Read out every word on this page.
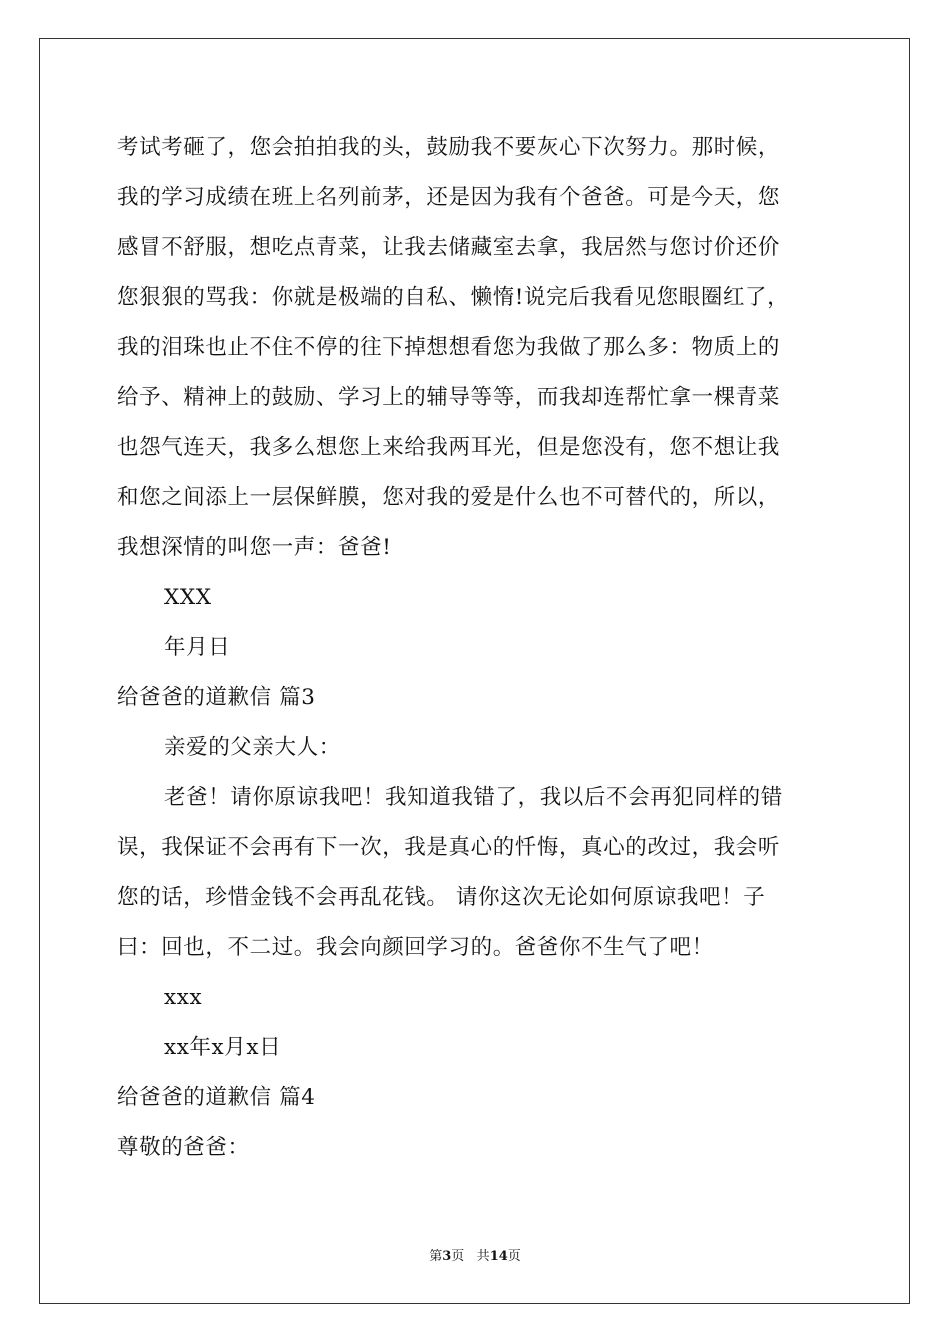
考试考砸了，您会拍拍我的头，鼓励我不要灰心下次努力。那时候，
我的学习成绩在班上名列前茅，还是因为我有个爸爸。可是今天，您
感冒不舒服，想吃点青菜，让我去储藏室去拿，我居然与您讨价还价
您狠狠的骂我：你就是极端的自私、懒惰!说完后我看见您眼圈红了，
我的泪珠也止不住不停的往下掉想想看您为我做了那么多：物质上的
给予、精神上的鼓励、学习上的辅导等等，而我却连帮忙拿一棵青菜
也怨气连天，我多么想您上来给我两耳光，但是您没有，您不想让我
和您之间添上一层保鲜膜，您对我的爱是什么也不可替代的，所以，
我想深情的叫您一声：爸爸!
XXX
年月日
给爸爸的道歉信 篇3
亲爱的父亲大人：
老爸！请你原谅我吧！我知道我错了，我以后不会再犯同样的错
误，我保证不会再有下一次，我是真心的忏悔，真心的改过，我会听
您的话，珍惜金钱不会再乱花钱。 请你这次无论如何原谅我吧！子
曰：回也，不二过。我会向颜回学习的。爸爸你不生气了吧！
xxx
xx年x月x日
给爸爸的道歉信 篇4
尊敬的爸爸：
第3页 共14页
